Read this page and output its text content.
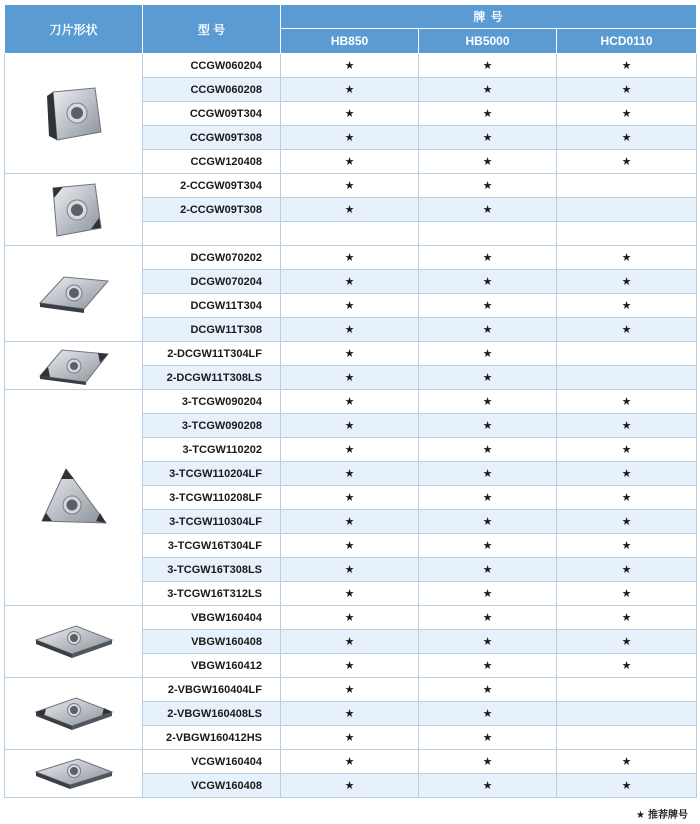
刀片形状	型 号	牌 号		
		HB850	HB5000	HCD0110

	CCGW060204	★	★	★
	CCGW060208	★	★	★
	CCGW09T304	★	★	★
	CCGW09T308	★	★	★
	CCGW120408	★	★	★

	2-CCGW09T304	★	★	
	2-CCGW09T308	★	★	

	DCGW070202	★	★	★
	DCGW070204	★	★	★
	DCGW11T304	★	★	★
	DCGW11T308	★	★	★

	2-DCGW11T304LF	★	★	
	2-DCGW11T308LS	★	★	

	3-TCGW090204	★	★	★
	3-TCGW090208	★	★	★
	3-TCGW110202	★	★	★
	3-TCGW110204LF	★	★	★
	3-TCGW110208LF	★	★	★
	3-TCGW110304LF	★	★	★
	3-TCGW16T304LF	★	★	★
	3-TCGW16T308LS	★	★	★
	3-TCGW16T312LS	★	★	★

	VBGW160404	★	★	★
	VBGW160408	★	★	★
	VBGW160412	★	★	★

	2-VBGW160404LF	★	★	
	2-VBGW160408LS	★	★	
	2-VBGW160412HS	★	★	

	VCGW160404	★	★	★
	VCGW160408	★	★	★
★ 推荐牌号
